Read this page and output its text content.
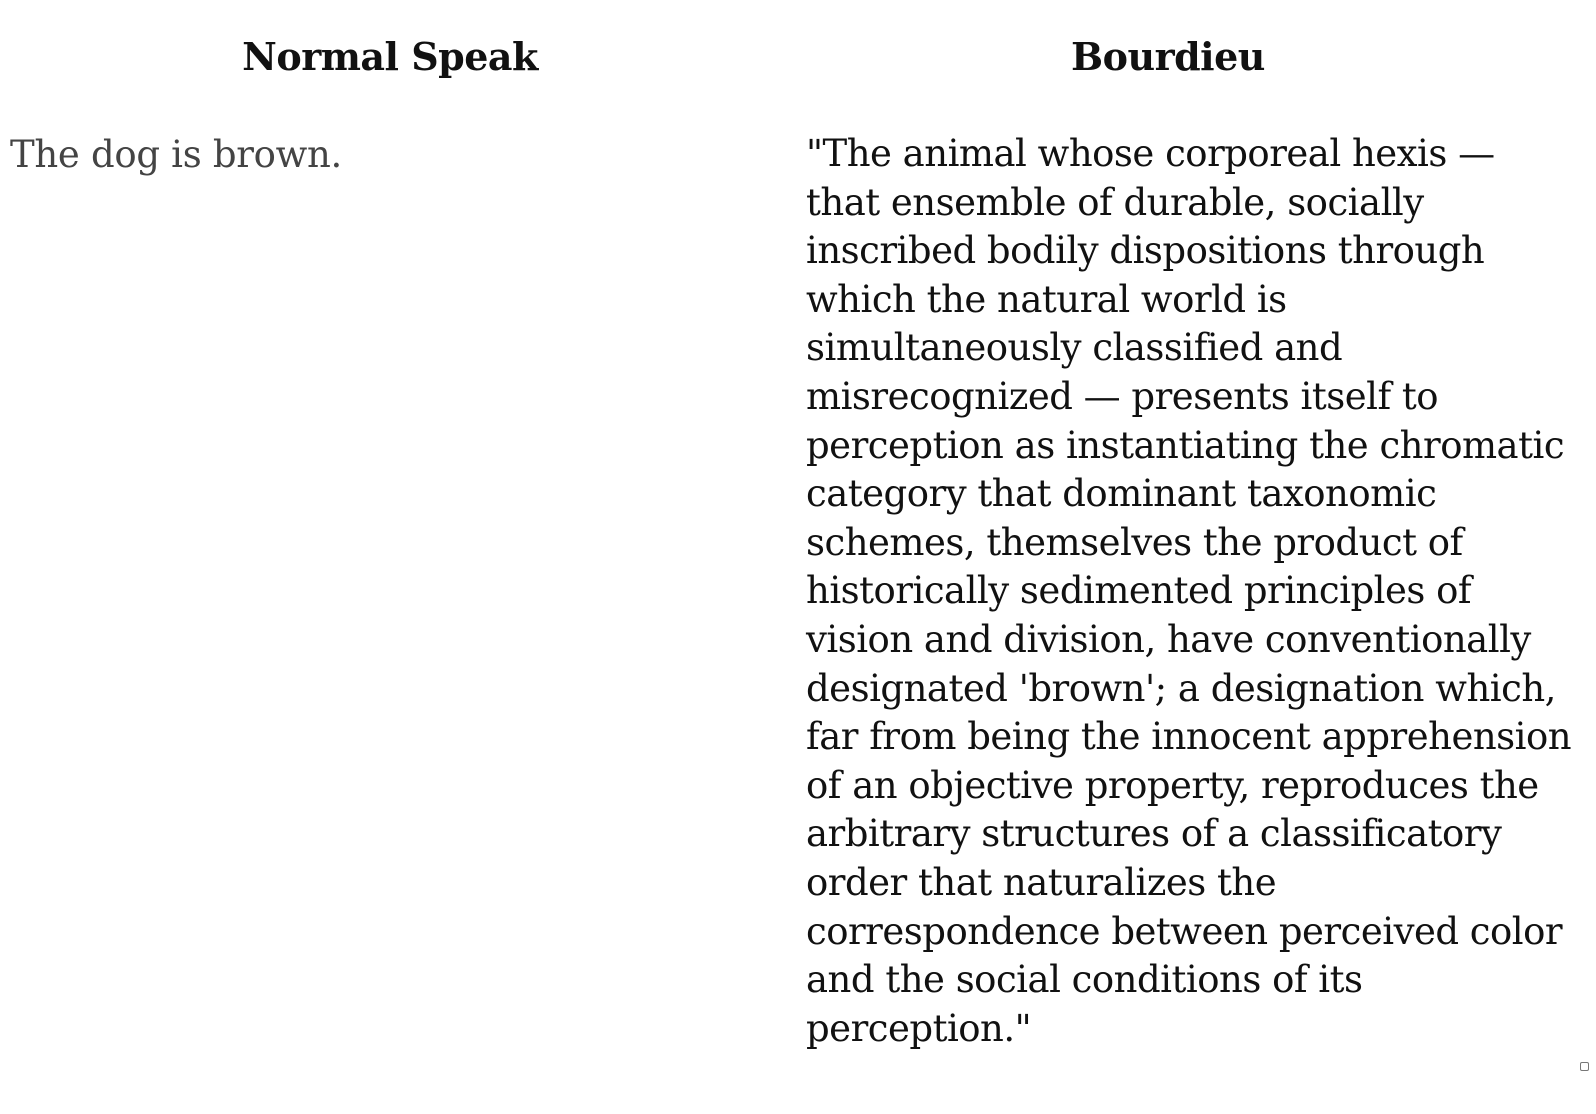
Normal Speak	Bourdieu
The dog is brown.	"The animal whose corporeal hexis —
that ensemble of durable, socially
inscribed bodily dispositions through
which the natural world is
simultaneously classified and
misrecognized — presents itself to
perception as instantiating the chromatic
category that dominant taxonomic
schemes, themselves the product of
historically sedimented principles of
vision and division, have conventionally
designated 'brown'; a designation which,
far from being the innocent apprehension
of an objective property, reproduces the
arbitrary structures of a classificatory
order that naturalizes the
correspondence between perceived color
and the social conditions of its
perception."
